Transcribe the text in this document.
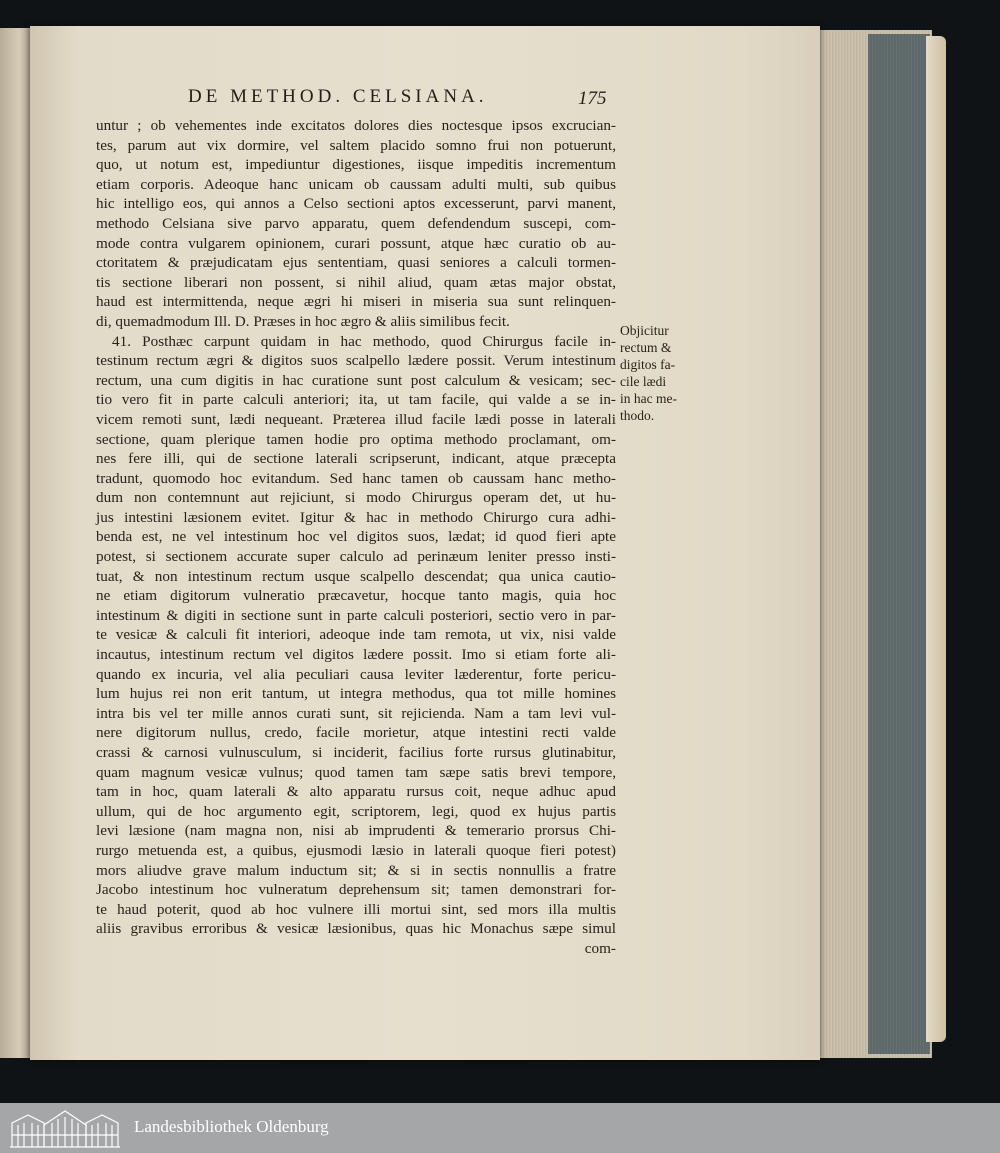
DE METHOD. CELSIANA.	175
untur ; ob vehementes inde excitatos dolores dies noctesque ipsos excrucian-
tes, parum aut vix dormire, vel saltem placido somno frui non potuerunt,
quo, ut notum est, impediuntur digestiones, iisque impeditis incrementum
etiam corporis. Adeoque hanc unicam ob caussam adulti multi, sub quibus
hic intelligo eos, qui annos a Celso sectioni aptos excesserunt, parvi manent,
methodo Celsiana sive parvo apparatu, quem defendendum suscepi, com-
mode contra vulgarem opinionem, curari possunt, atque hæc curatio ob au-
ctoritatem & præjudicatam ejus sententiam, quasi seniores a calculi tormen-
tis sectione liberari non possent, si nihil aliud, quam ætas major obstat,
haud est intermittenda, neque ægri hi miseri in miseria sua sunt relinquen-
di, quemadmodum Ill. D. Præses in hoc ægro & aliis similibus fecit.
41. Posthæc carpunt quidam in hac methodo, quod Chirurgus facile in-
testinum rectum ægri & digitos suos scalpello lædere possit. Verum intestinum
rectum, una cum digitis in hac curatione sunt post calculum & vesicam; sec-
tio vero fit in parte calculi anteriori; ita, ut tam facile, qui valde a se in-
vicem remoti sunt, lædi nequeant. Præterea illud facile lædi posse in laterali
sectione, quam plerique tamen hodie pro optima methodo proclamant, om-
nes fere illi, qui de sectione laterali scripserunt, indicant, atque præcepta
tradunt, quomodo hoc evitandum. Sed hanc tamen ob caussam hanc metho-
dum non contemnunt aut rejiciunt, si modo Chirurgus operam det, ut hu-
jus intestini læsionem evitet. Igitur & hac in methodo Chirurgo cura adhi-
benda est, ne vel intestinum hoc vel digitos suos, lædat; id quod fieri apte
potest, si sectionem accurate super calculo ad perinæum leniter presso insti-
tuat, & non intestinum rectum usque scalpello descendat; qua unica cautio-
ne etiam digitorum vulneratio præcavetur, hocque tanto magis, quia hoc
intestinum & digiti in sectione sunt in parte calculi posteriori, sectio vero in par-
te vesicæ & calculi fit interiori, adeoque inde tam remota, ut vix, nisi valde
incautus, intestinum rectum vel digitos lædere possit. Imo si etiam forte ali-
quando ex incuria, vel alia peculiari causa leviter læderentur, forte pericu-
lum hujus rei non erit tantum, ut integra methodus, qua tot mille homines
intra bis vel ter mille annos curati sunt, sit rejicienda. Nam a tam levi vul-
nere digitorum nullus, credo, facile morietur, atque intestini recti valde
crassi & carnosi vulnusculum, si inciderit, facilius forte rursus glutinabitur,
quam magnum vesicæ vulnus; quod tamen tam sæpe satis brevi tempore,
tam in hoc, quam laterali & alto apparatu rursus coit, neque adhuc apud
ullum, qui de hoc argumento egit, scriptorem, legi, quod ex hujus partis
levi læsione (nam magna non, nisi ab imprudenti & temerario prorsus Chi-
rurgo metuenda est, a quibus, ejusmodi læsio in laterali quoque fieri potest)
mors aliudve grave malum inductum sit; & si in sectis nonnullis a fratre
Jacobo intestinum hoc vulneratum deprehensum sit; tamen demonstrari for-
te haud poterit, quod ab hoc vulnere illi mortui sint, sed mors illa multis
aliis gravibus erroribus & vesicæ læsionibus, quas hic Monachus sæpe simul
com-
Objicitur
rectum &
digitos fa-
cile lædi
in hac me-
thodo.
Landesbibliothek Oldenburg
